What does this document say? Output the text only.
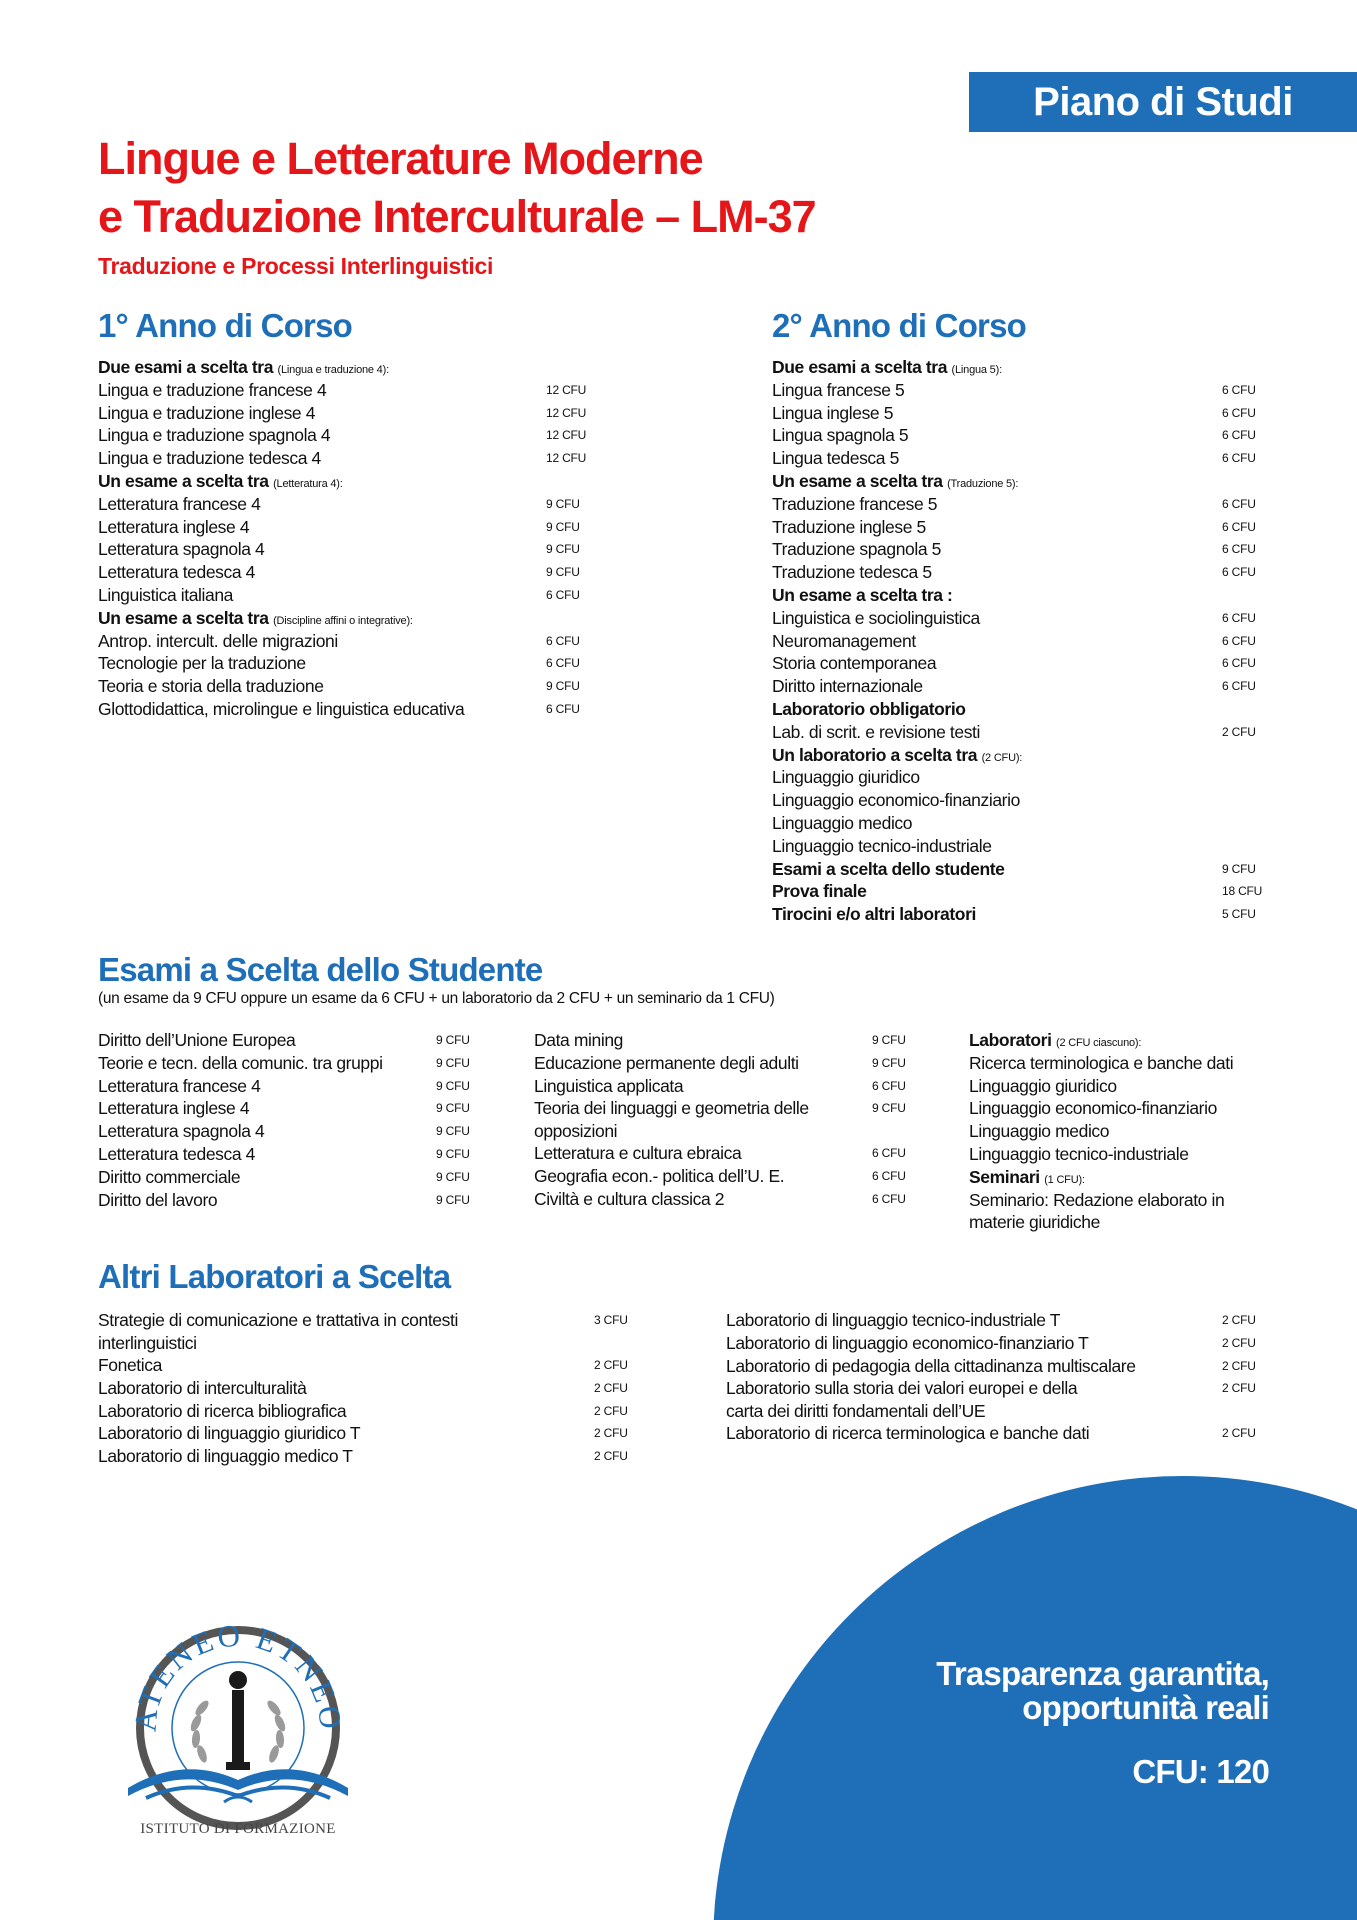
Piano di Studi
Lingue e Letterature Moderne
e Traduzione Interculturale – LM-37
Traduzione e Processi Interlinguistici
1° Anno di Corso
Due esami a scelta tra (Lingua e traduzione 4):
Lingua e traduzione francese 4	12 CFU
Lingua e traduzione inglese 4	12 CFU
Lingua e traduzione spagnola 4	12 CFU
Lingua e traduzione tedesca 4	12 CFU
Un esame a scelta tra (Letteratura 4):
Letteratura francese 4	9 CFU
Letteratura inglese 4	9 CFU
Letteratura spagnola 4	9 CFU
Letteratura tedesca 4	9 CFU
Linguistica italiana	6 CFU
Un esame a scelta tra (Discipline affini o integrative):
Antrop. intercult. delle migrazioni	6 CFU
Tecnologie per la traduzione	6 CFU
Teoria e storia della traduzione	9 CFU
Glottodidattica, microlingue e linguistica educativa	6 CFU
2° Anno di Corso
Due esami a scelta tra (Lingua 5):
Lingua francese 5	6 CFU
Lingua inglese 5	6 CFU
Lingua spagnola 5	6 CFU
Lingua tedesca 5	6 CFU
Un esame a scelta tra (Traduzione 5):
Traduzione francese 5	6 CFU
Traduzione inglese 5	6 CFU
Traduzione spagnola 5	6 CFU
Traduzione tedesca 5	6 CFU
Un esame a scelta tra :
Linguistica e sociolinguistica	6 CFU
Neuromanagement	6 CFU
Storia contemporanea	6 CFU
Diritto internazionale	6 CFU
Laboratorio obbligatorio
Lab. di scrit. e revisione testi	2 CFU
Un laboratorio a scelta tra (2 CFU):
Linguaggio giuridico
Linguaggio economico-finanziario
Linguaggio medico
Linguaggio tecnico-industriale
Esami a scelta dello studente	9 CFU
Prova finale	18 CFU
Tirocini e/o altri laboratori	5 CFU
Esami a Scelta dello Studente
(un esame da 9 CFU oppure un esame da 6 CFU + un laboratorio da 2 CFU + un seminario da 1 CFU)
Diritto dell’Unione Europea	9 CFU
Teorie e tecn. della comunic. tra gruppi	9 CFU
Letteratura francese 4	9 CFU
Letteratura inglese 4	9 CFU
Letteratura spagnola 4	9 CFU
Letteratura tedesca 4	9 CFU
Diritto commerciale	9 CFU
Diritto del lavoro	9 CFU
Data mining	9 CFU
Educazione permanente degli adulti	9 CFU
Linguistica applicata	6 CFU
Teoria dei linguaggi e geometria delle opposizioni
9 CFU
Letteratura e cultura ebraica	6 CFU
Geografia econ.- politica dell’U. E.	6 CFU
Civiltà e cultura classica 2	6 CFU
Laboratori (2 CFU ciascuno):
Ricerca terminologica e banche dati
Linguaggio giuridico
Linguaggio economico-finanziario
Linguaggio medico
Linguaggio tecnico-industriale
Seminari (1 CFU):
Seminario: Redazione elaborato in materie giuridiche
Altri Laboratori a Scelta
Strategie di comunicazione e trattativa in contesti interlinguistici
3 CFU
Fonetica	2 CFU
Laboratorio di interculturalità	2 CFU
Laboratorio di ricerca bibliografica	2 CFU
Laboratorio di linguaggio giuridico T	2 CFU
Laboratorio di linguaggio medico T	2 CFU
Laboratorio di linguaggio tecnico-industriale T	2 CFU
Laboratorio di linguaggio economico-finanziario T	2 CFU
Laboratorio di pedagogia della cittadinanza multiscalare	2 CFU
Laboratorio sulla storia dei valori europei e della carta dei diritti fondamentali dell’UE
2 CFU
Laboratorio di ricerca terminologica e banche dati	2 CFU
Trasparenza garantita,
opportunità reali
CFU: 120
ATENEO ETNEO
ISTITUTO DI FORMAZIONE
